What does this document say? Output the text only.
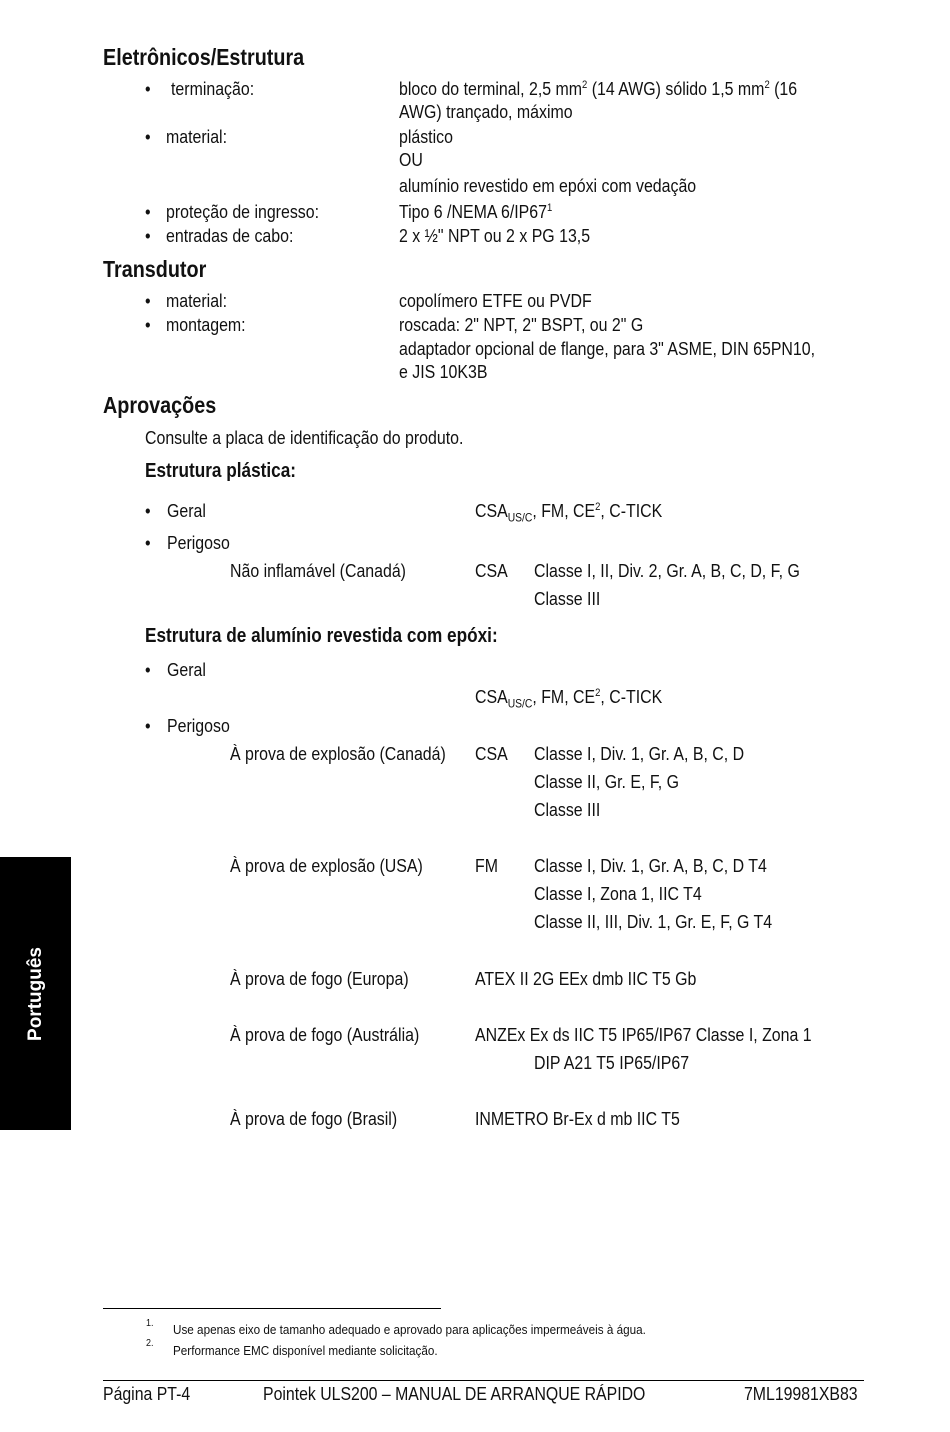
Eletrônicos/Estrutura
• terminação:	bloco do terminal, 2,5 $mm^2$ (14 AWG) sólido 1,5 $mm^2$ (16
AWG) trançado, máximo
• material:	plástico
OU
alumínio revestido em epóxi com vedação
• proteção de ingresso:	Tipo 6 /NEMA $6/IP67^1$
• entradas de cabo:	2 x ½" NPT ou 2 x PG 13,5
Transdutor
• material:	copolímero ETFE ou PVDF
• montagem:	roscada: 2" NPT, 2" BSPT, ou 2" G
adaptador opcional de flange, para 3" ASME, DIN 65PN10,
e JIS 10K3B
Aprovações
Consulte a placa de identificação do produto.
Estrutura plástica:
• Geral	$CSA_{US/C}$, FM, $CE^2$, C-TICK
• Perigoso
Não inflamável (Canadá)	CSA Classe I, II, Div. 2, Gr. A, B, C, D, F, G
Classe III
Estrutura de alumínio revestida com epóxi:
• Geral
$CSA_{US/C}$, FM, $CE^2$, C-TICK
• Perigoso
À prova de explosão (Canadá) CSA Classe I, Div. 1, Gr. A, B, C, D
Classe II, Gr. E, F, G
Classe III
À prova de explosão (USA)	FM Classe I, Div. 1, Gr. A, B, C, D T4
Classe I, Zona 1, IIC T4
Classe II, III, Div. 1, Gr. E, F, G T4
À prova de fogo (Europa)	ATEX II 2G EEx dmb IIC T5 Gb
À prova de fogo (Austrália)	ANZEx Ex ds IIC T5 IP65/IP67 Classe I, Zona 1
DIP A21 T5 IP65/IP67
À prova de fogo (Brasil)	INMETRO Br-Ex d mb IIC T5
Português
1. Use apenas eixo de tamanho adequado e aprovado para aplicações impermeáveis à água.
2. Performance EMC disponível mediante solicitação.
Página PT-4	Pointek ULS200 – MANUAL DE ARRANQUE RÁPIDO	7ML19981XB83
